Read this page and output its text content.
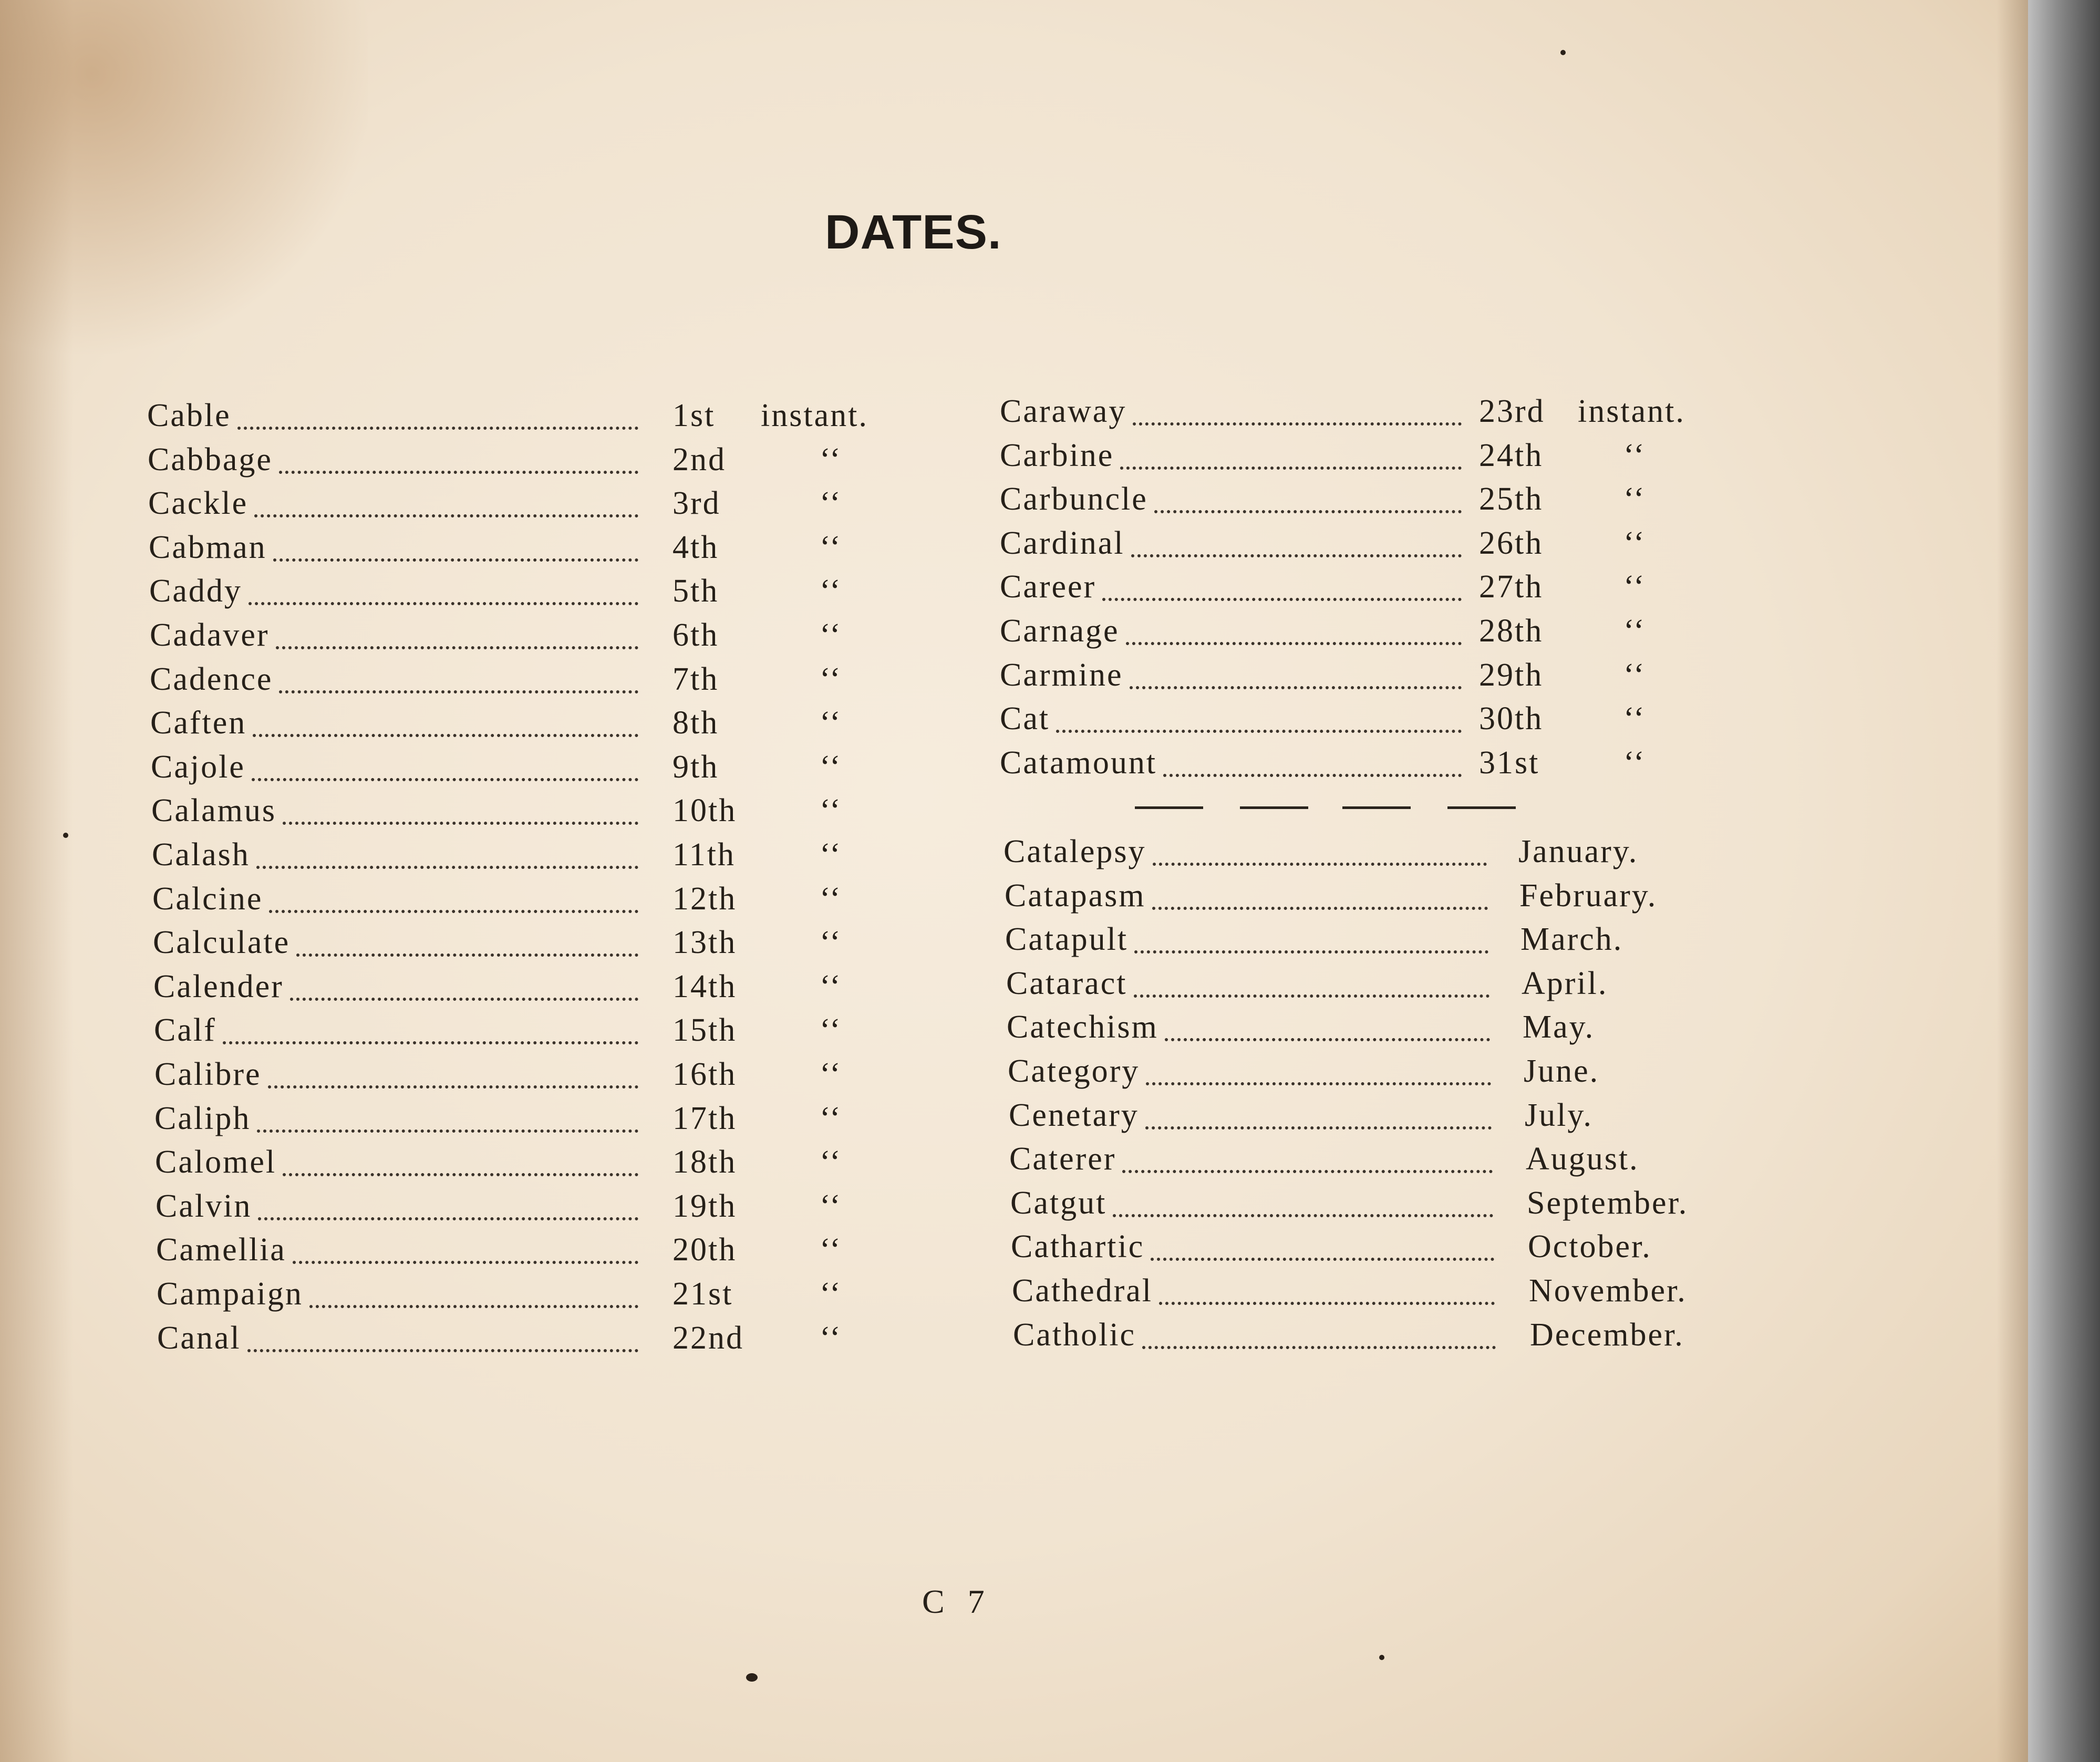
DATES.
Cable	1st instant.
Cabbage	2nd	‘‘
Cackle	3rd	‘‘
Cabman	4th	‘‘
Caddy	5th	‘‘
Cadaver	6th	‘‘
Cadence	7th	‘‘
Caften	8th	‘‘
Cajole	9th	‘‘
Calamus	10th	‘‘
Calash	11th	‘‘
Calcine	12th	‘‘
Calculate	13th	‘‘
Calender	14th	‘‘
Calf	15th	‘‘
Calibre	16th	‘‘
Caliph	17th	‘‘
Calomel	18th	‘‘
Calvin	19th	‘‘
Camellia	20th	‘‘
Campaign	21st	‘‘
Canal	22nd ‘‘
Caraway	23rd instant.
Carbine	24th ‘‘
Carbuncle	25th ‘‘
Cardinal	26th ‘‘
Career	27th ‘‘
Carnage	28th ‘‘
Carmine	29th ‘‘
Cat	30th ‘‘
Catamount	31st	‘‘
Catalepsy	January.
Catapasm	February.
Catapult	March.
Cataract	April.
Catechism	May.
Category	June.
Cenetary	July.
Caterer	August.
Catgut	September.
Cathartic	October.
Cathedral	November.
Catholic	December.
C 7
